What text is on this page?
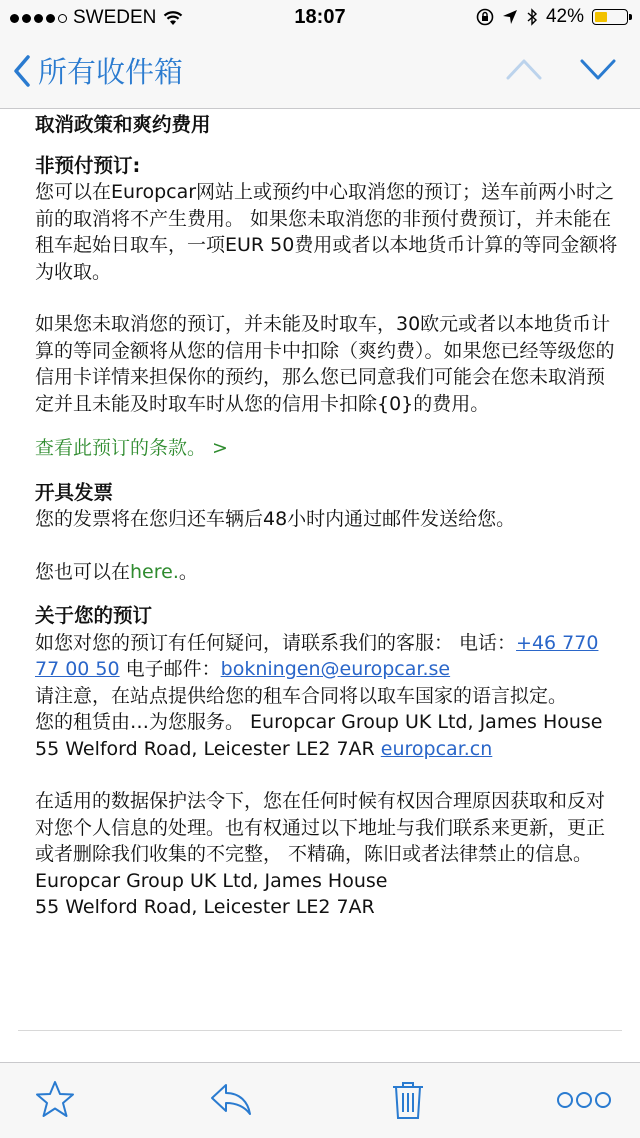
SWEDEN	18:07	42%
所有收件箱

取消政策和爽约费用

非预付预订:

您可以在Europcar网站上或预约中心取消您的预订；送车前两小时之前的取消将不产生费用。 如果您未取消您的非预付费预订，并未能在租车起始日取车，一项EUR 50费用或者以本地货币计算的等同金额将为收取。

如果您未取消您的预订，并未能及时取车，30欧元或者以本地货币计算的等同金额将从您的信用卡中扣除（爽约费）。如果您已经等级您的信用卡详情来担保你的预约，那么您已同意我们可能会在您未取消预定并且未能及时取车时从您的信用卡扣除{0}的费用。

查看此预订的条款。 >

开具发票

您的发票将在您归还车辆后48小时内通过邮件发送给您。

您也可以在here.。

关于您的预订

如您对您的预订有任何疑问，请联系我们的客服： 电话：+46 770 77 00 50 电子邮件：bokningen@europcar.se

请注意，在站点提供给您的租车合同将以取车国家的语言拟定。

您的租赁由…为您服务。 Europcar Group UK Ltd, James House

55 Welford Road, Leicester LE2 7AR europcar.cn

在适用的数据保护法令下，您在任何时候有权因合理原因获取和反对对您个人信息的处理。也有权通过以下地址与我们联系来更新，更正或者删除我们收集的不完整， 不精确，陈旧或者法律禁止的信息。 Europcar Group UK Ltd, James House

55 Welford Road, Leicester LE2 7AR
